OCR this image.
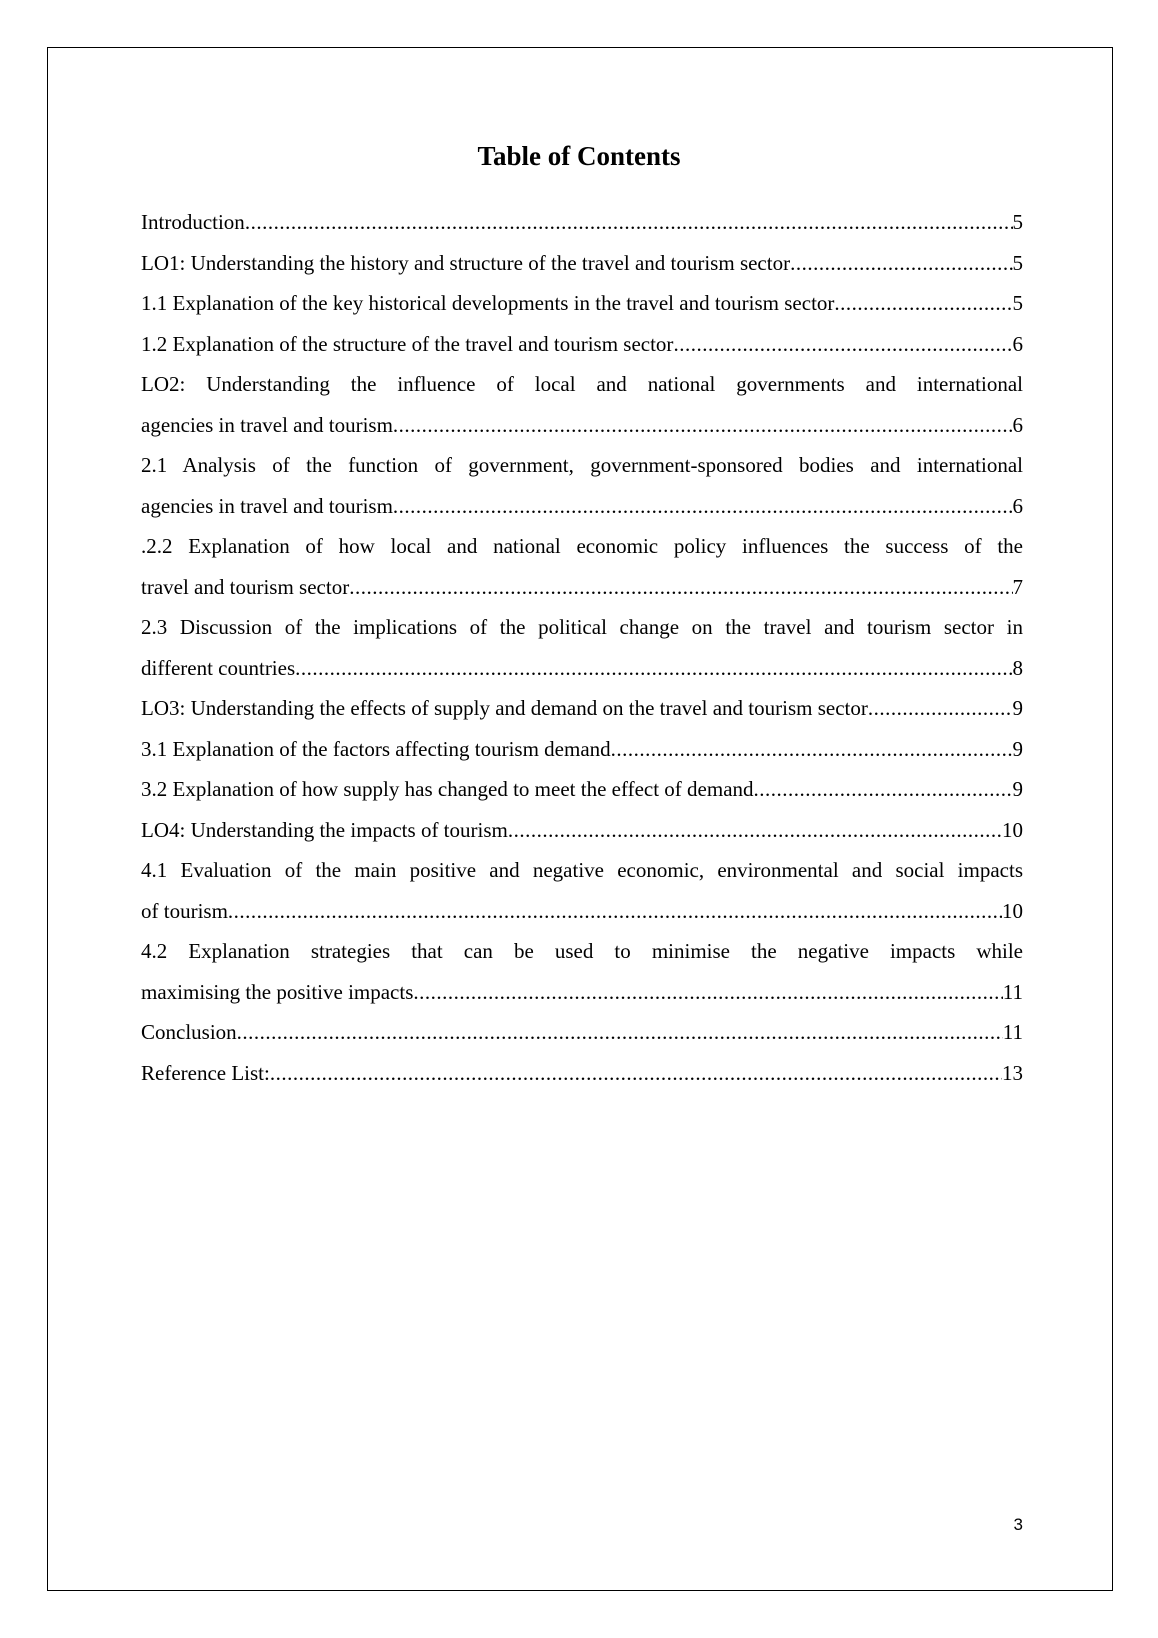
Table of Contents
Introduction .....	5
LO1: Understanding the history and structure of the travel and tourism sector .....	5
1.1 Explanation of the key historical developments in the travel and tourism sector .....	5
1.2 Explanation of the structure of the travel and tourism sector .....	6
LO2: Understanding the influence of local and national governments and international
agencies in travel and tourism .....	6
2.1 Analysis of the function of government, government-sponsored bodies and international
agencies in travel and tourism .....	6
.2.2 Explanation of how local and national economic policy influences the success of the
travel and tourism sector .....	7
2.3 Discussion of the implications of the political change on the travel and tourism sector in
different countries .....	8
LO3: Understanding the effects of supply and demand on the travel and tourism sector .....	9
3.1 Explanation of the factors affecting tourism demand .....	9
3.2 Explanation of how supply has changed to meet the effect of demand .....	9
LO4: Understanding the impacts of tourism .....	10
4.1 Evaluation of the main positive and negative economic, environmental and social impacts
of tourism .....	10
4.2 Explanation strategies that can be used to minimise the negative impacts while
maximising the positive impacts .....	11
Conclusion .....	11
Reference List: .....	13
3
